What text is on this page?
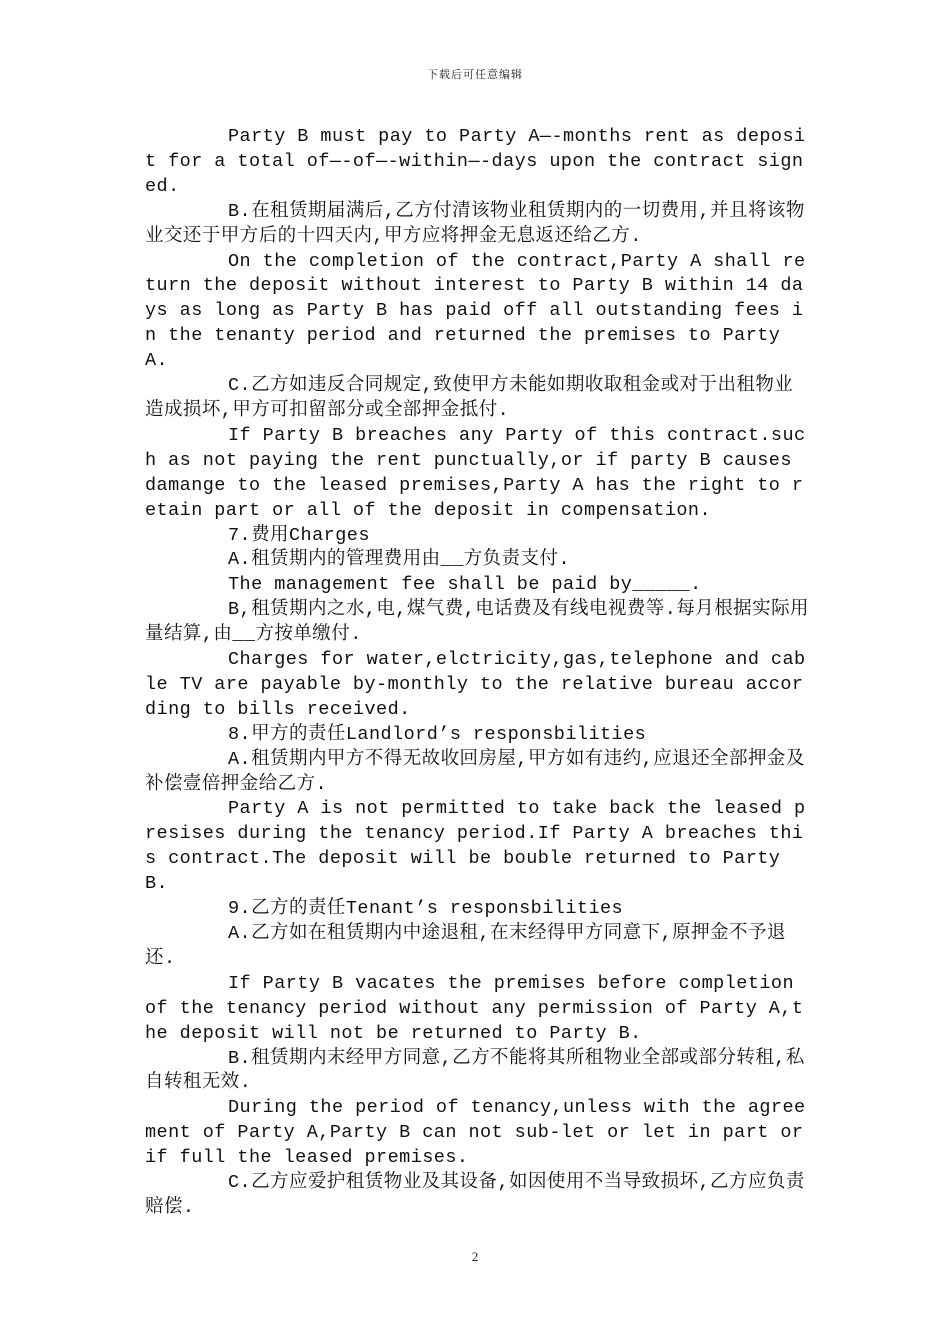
下载后可任意编辑

Party B must pay to Party A—-months rent as deposit for a total of—-of—-within—-days upon the contract signed.

B.在租赁期届满后,乙方付清该物业租赁期内的一切费用,并且将该物业交还于甲方后的十四天内,甲方应将押金无息返还给乙方.

On the completion of the contract,Party A shall return the deposit without interest to Party B within 14 days as long as Party B has paid off all outstanding fees in the tenanty period and returned the premises to Party A.

C.乙方如违反合同规定,致使甲方未能如期收取租金或对于出租物业造成损坏,甲方可扣留部分或全部押金抵付.

If Party B breaches any Party of this contract.such as not paying the rent punctually,or if party B causes damange to the leased premises,Party A has the right to retain part or all of the deposit in compensation.

7.费用Charges

A.租赁期内的管理费用由__方负责支付.

The management fee shall be paid by_____.

B,租赁期内之水,电,煤气费,电话费及有线电视费等.每月根据实际用量结算,由__方按单缴付.

Charges for water,elctricity,gas,telephone and cable TV are payable by-monthly to the relative bureau according to bills received.

8.甲方的责任Landlord’s responsbilities

A.租赁期内甲方不得无故收回房屋,甲方如有违约,应退还全部押金及补偿壹倍押金给乙方.

Party A is not permitted to take back the leased presises during the tenancy period.If Party A breaches this contract.The deposit will be bouble returned to Party B.

9.乙方的责任Tenant’s responsbilities

A.乙方如在租赁期内中途退租,在末经得甲方同意下,原押金不予退还.

If Party B vacates the premises before completion of the tenancy period without any permission of Party A,the deposit will not be returned to Party B.

B.租赁期内末经甲方同意,乙方不能将其所租物业全部或部分转租,私自转租无效.

During the period of tenancy,unless with the agreement of Party A,Party B can not sub-let or let in part or if full the leased premises.

C.乙方应爱护租赁物业及其设备,如因使用不当导致损坏,乙方应负责赔偿.

2
